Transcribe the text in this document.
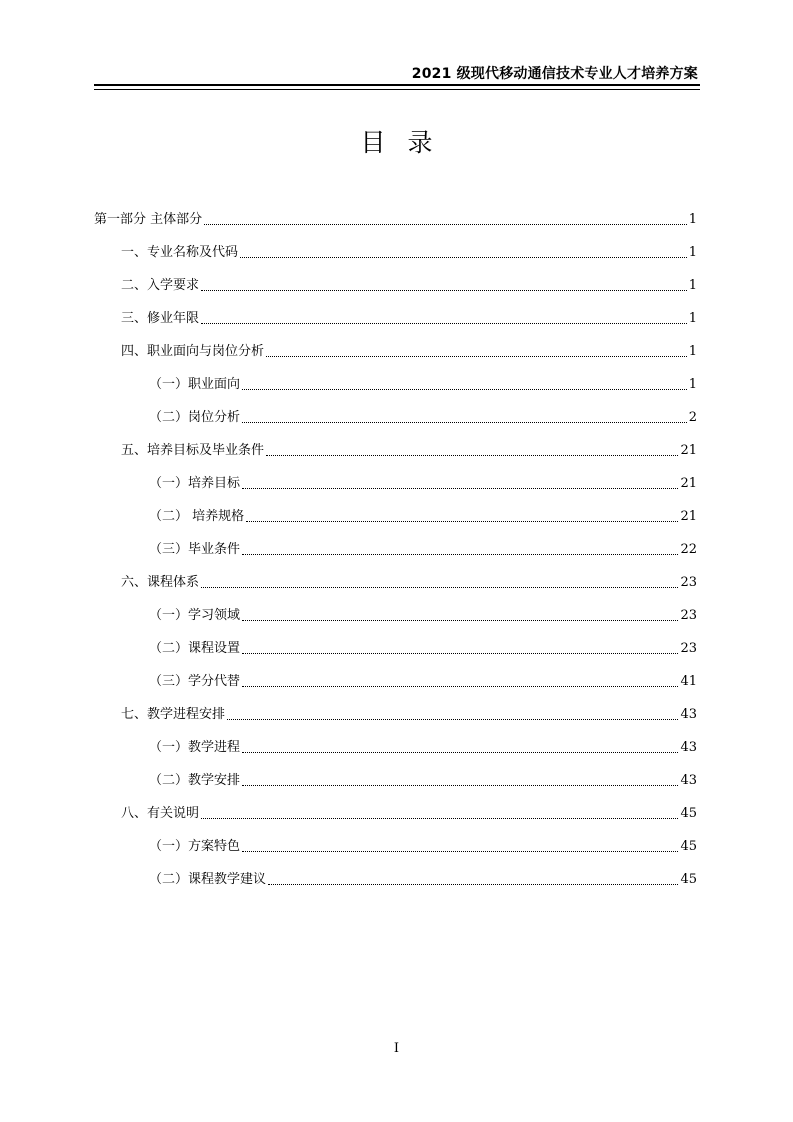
2021 级现代移动通信技术专业人才培养方案
目录
第一部分 主体部分	1
一、专业名称及代码	1
二、入学要求	1
三、修业年限	1
四、职业面向与岗位分析	1
（一）职业面向	1
（二）岗位分析	2
五、培养目标及毕业条件	21
（一）培养目标	21
（二） 培养规格	21
（三）毕业条件	22
六、课程体系	23
（一）学习领域	23
（二）课程设置	23
（三）学分代替	41
七、教学进程安排	43
（一）教学进程	43
（二）教学安排	43
八、有关说明	45
（一）方案特色	45
（二）课程教学建议	45
I
